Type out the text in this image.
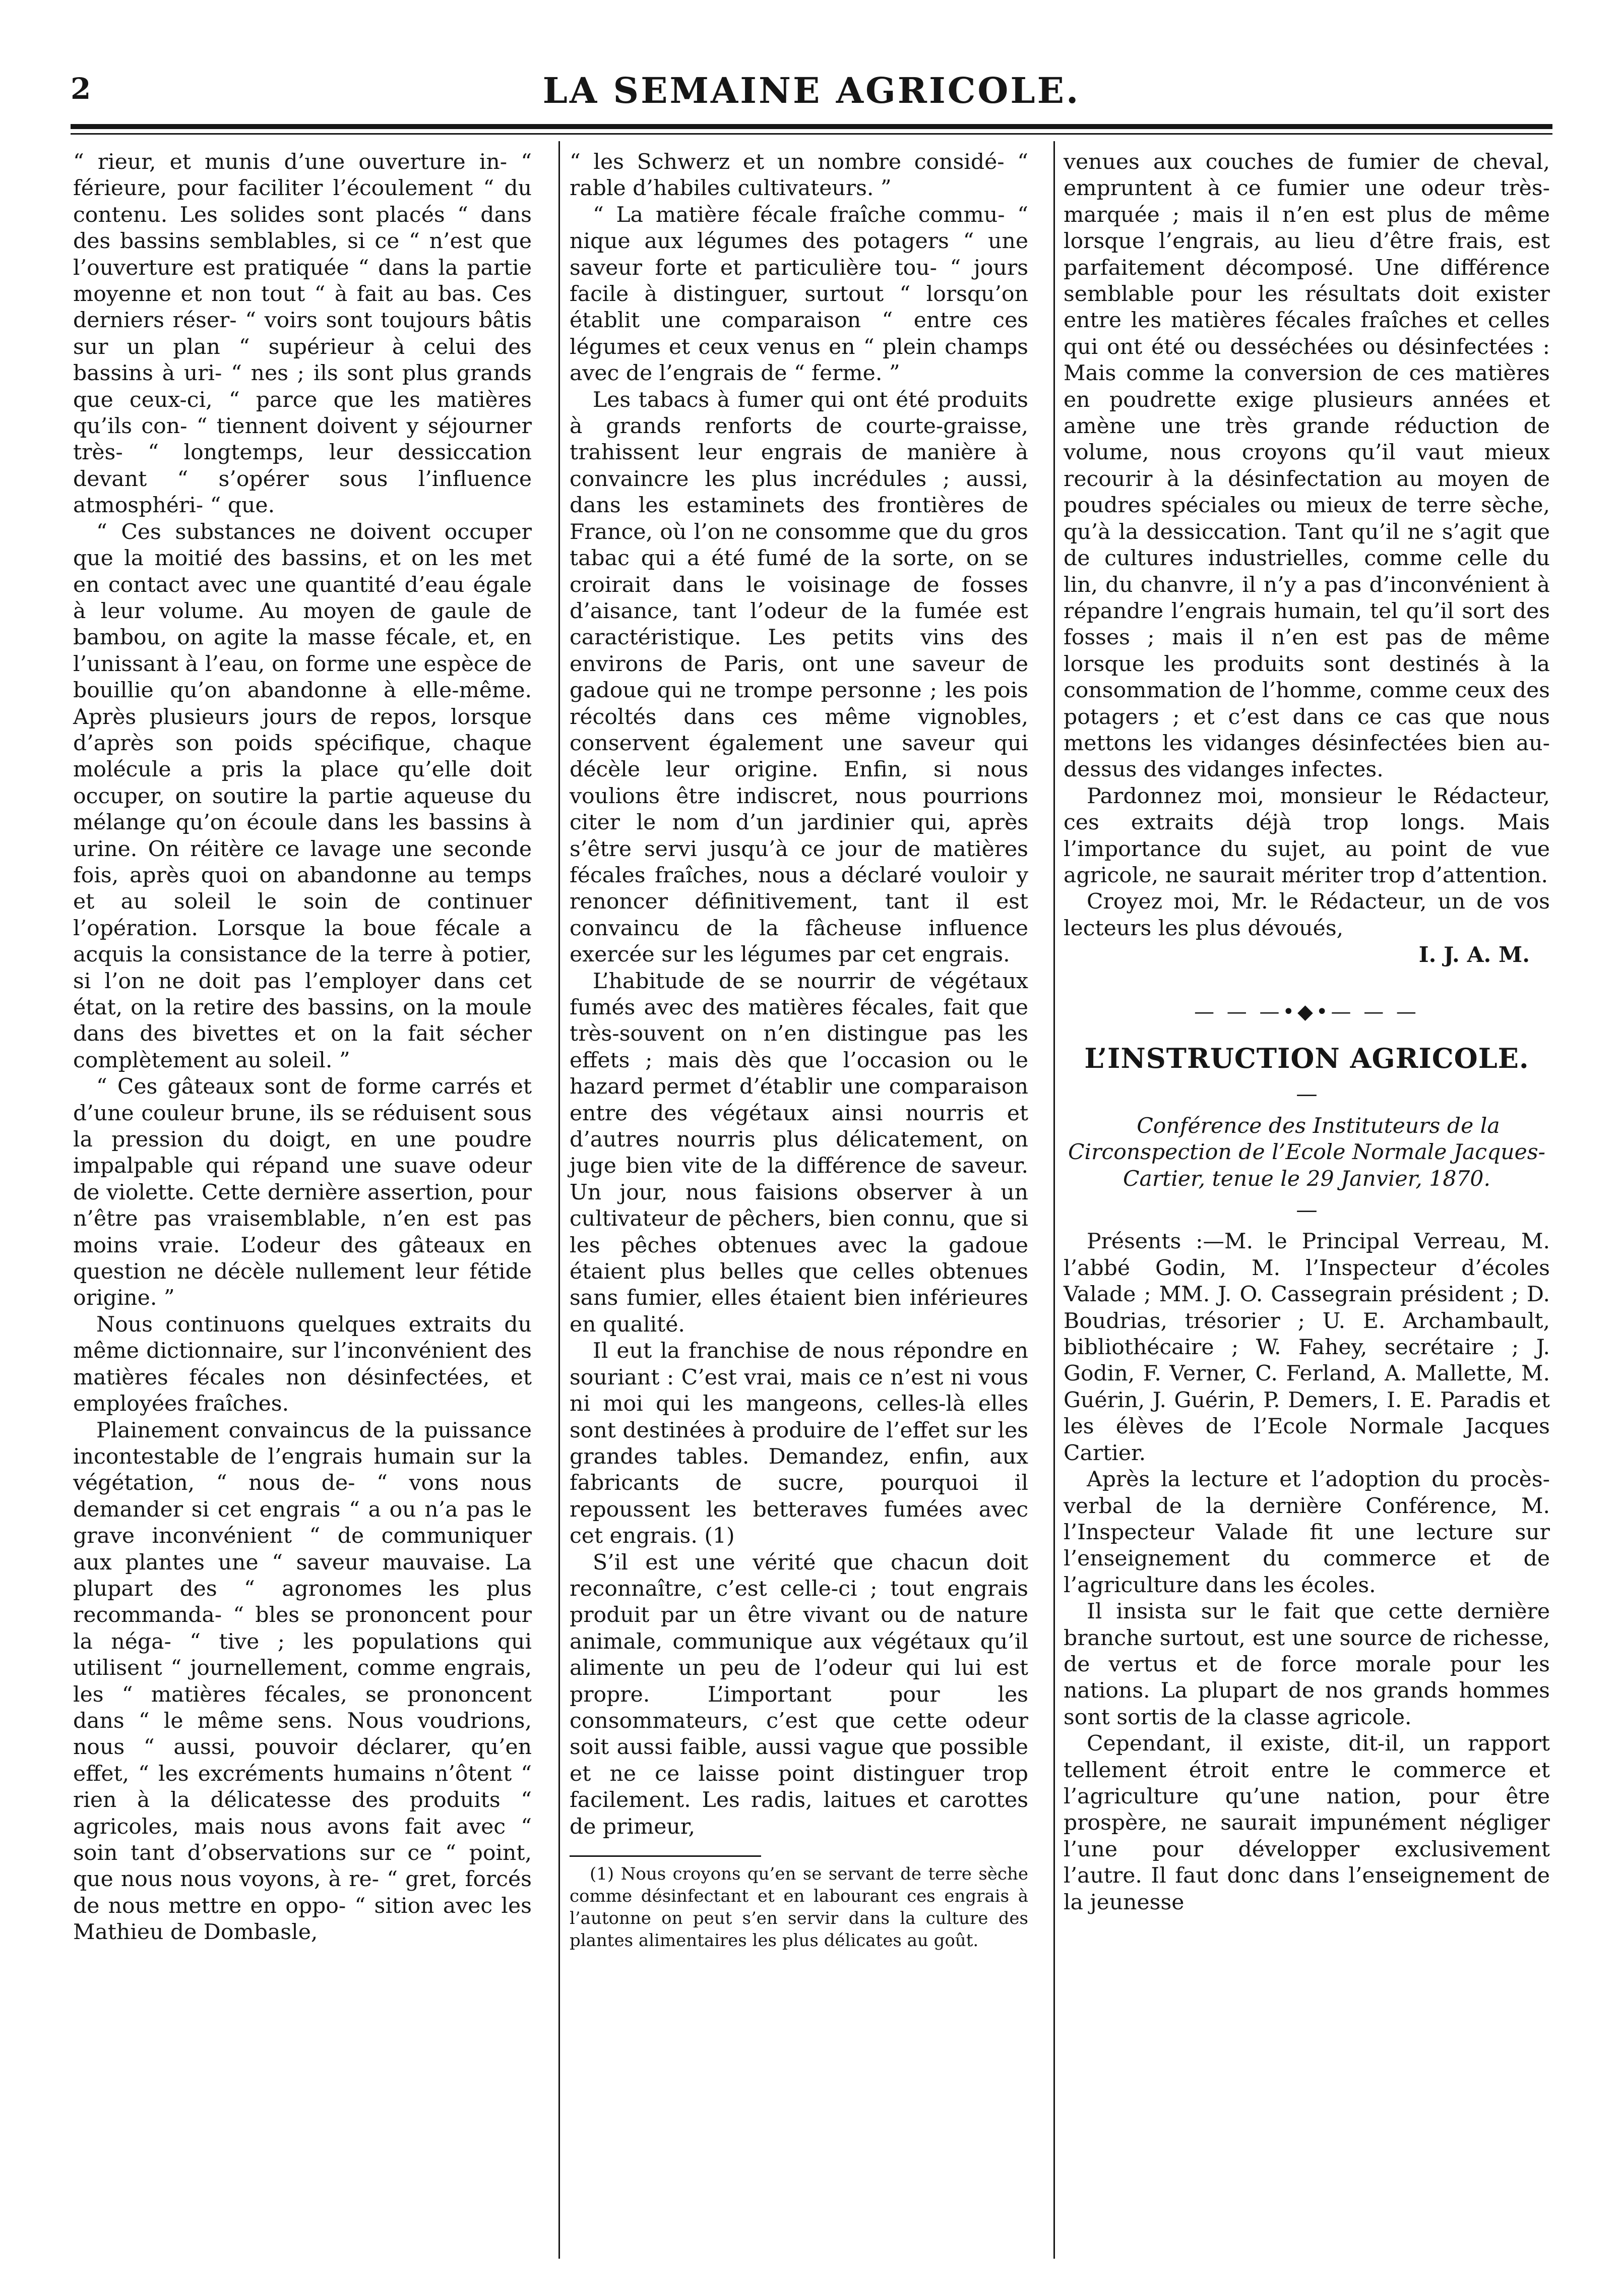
2	LA SEMAINE AGRICOLE.

“ rieur, et munis d’une ouverture in- “ férieure, pour faciliter l’écoulement “ du contenu. Les solides sont placés “ dans des bassins semblables, si ce “ n’est que l’ouverture est pratiquée “ dans la partie moyenne et non tout “ à fait au bas. Ces derniers réser- “ voirs sont toujours bâtis sur un plan “ supérieur à celui des bassins à uri- “ nes ; ils sont plus grands que ceux-ci, “ parce que les matières qu’ils con- “ tiennent doivent y séjourner très- “ longtemps, leur dessiccation devant “ s’opérer sous l’influence atmosphéri- “ que.

“ Ces substances ne doivent occuper que la moitié des bassins, et on les met en contact avec une quantité d’eau égale à leur volume. Au moyen de gaule de bambou, on agite la masse fécale, et, en l’unissant à l’eau, on forme une espèce de bouillie qu’on abandonne à elle-même. Après plusieurs jours de repos, lorsque d’après son poids spécifique, chaque molécule a pris la place qu’elle doit occuper, on soutire la partie aqueuse du mélange qu’on écoule dans les bassins à urine. On réitère ce lavage une seconde fois, après quoi on abandonne au temps et au soleil le soin de continuer l’opération. Lorsque la boue fécale a acquis la consistance de la terre à potier, si l’on ne doit pas l’employer dans cet état, on la retire des bassins, on la moule dans des bivettes et on la fait sécher complètement au soleil. ”

“ Ces gâteaux sont de forme carrés et d’une couleur brune, ils se réduisent sous la pression du doigt, en une poudre impalpable qui répand une suave odeur de violette. Cette dernière assertion, pour n’être pas vraisemblable, n’en est pas moins vraie. L’odeur des gâteaux en question ne décèle nullement leur fétide origine. ”

Nous continuons quelques extraits du même dictionnaire, sur l’inconvénient des matières fécales non désinfectées, et employées fraîches.

Plainement convaincus de la puissance incontestable de l’engrais humain sur la végétation, “ nous de- “ vons nous demander si cet engrais “ a ou n’a pas le grave inconvénient “ de communiquer aux plantes une “ saveur mauvaise. La plupart des “ agronomes les plus recommanda- “ bles se prononcent pour la néga- “ tive ; les populations qui utilisent “ journellement, comme engrais, les “ matières fécales, se prononcent dans “ le même sens. Nous voudrions, nous “ aussi, pouvoir déclarer, qu’en effet, “ les excréments humains n’ôtent “ rien à la délicatesse des produits “ agricoles, mais nous avons fait avec “ soin tant d’observations sur ce “ point, que nous nous voyons, à re- “ gret, forcés de nous mettre en oppo- “ sition avec les Mathieu de Dombasle,

“ les Schwerz et un nombre considé- “ rable d’habiles cultivateurs. ”

“ La matière fécale fraîche commu- “ nique aux légumes des potagers “ une saveur forte et particulière tou- “ jours facile à distinguer, surtout “ lorsqu’on établit une comparaison “ entre ces légumes et ceux venus en “ plein champs avec de l’engrais de “ ferme. ”

Les tabacs à fumer qui ont été produits à grands renforts de courte-graisse, trahissent leur engrais de manière à convaincre les plus incrédules ; aussi, dans les estaminets des frontières de France, où l’on ne consomme que du gros tabac qui a été fumé de la sorte, on se croirait dans le voisinage de fosses d’aisance, tant l’odeur de la fumée est caractéristique. Les petits vins des environs de Paris, ont une saveur de gadoue qui ne trompe personne ; les pois récoltés dans ces même vignobles, conservent également une saveur qui décèle leur origine. Enfin, si nous voulions être indiscret, nous pourrions citer le nom d’un jardinier qui, après s’être servi jusqu’à ce jour de matières fécales fraîches, nous a déclaré vouloir y renoncer définitivement, tant il est convaincu de la fâcheuse influence exercée sur les légumes par cet engrais.

L’habitude de se nourrir de végétaux fumés avec des matières fécales, fait que très-souvent on n’en distingue pas les effets ; mais dès que l’occasion ou le hazard permet d’établir une comparaison entre des végétaux ainsi nourris et d’autres nourris plus délicatement, on juge bien vite de la différence de saveur. Un jour, nous faisions observer à un cultivateur de pêchers, bien connu, que si les pêches obtenues avec la gadoue étaient plus belles que celles obtenues sans fumier, elles étaient bien inférieures en qualité.

Il eut la franchise de nous répondre en souriant : C’est vrai, mais ce n’est ni vous ni moi qui les mangeons, celles-là elles sont destinées à produire de l’effet sur les grandes tables. Demandez, enfin, aux fabricants de sucre, pourquoi il repoussent les betteraves fumées avec cet engrais. (1)

S’il est une vérité que chacun doit reconnaître, c’est celle-ci ; tout engrais produit par un être vivant ou de nature animale, communique aux végétaux qu’il alimente un peu de l’odeur qui lui est propre. L’important pour les consommateurs, c’est que cette odeur soit aussi faible, aussi vague que possible et ne ce laisse point distinguer trop facilement. Les radis, laitues et carottes de primeur,

(1) Nous croyons qu’en se servant de terre sèche comme désinfectant et en labourant ces engrais à l’autonne on peut s’en servir dans la culture des plantes alimentaires les plus délicates au goût.

venues aux couches de fumier de cheval, empruntent à ce fumier une odeur très-marquée ; mais il n’en est plus de même lorsque l’engrais, au lieu d’être frais, est parfaitement décomposé. Une différence semblable pour les résultats doit exister entre les matières fécales fraîches et celles qui ont été ou desséchées ou désinfectées : Mais comme la conversion de ces matières en poudrette exige plusieurs années et amène une très grande réduction de volume, nous croyons qu’il vaut mieux recourir à la désinfectation au moyen de poudres spéciales ou mieux de terre sèche, qu’à la dessiccation. Tant qu’il ne s’agit que de cultures industrielles, comme celle du lin, du chanvre, il n’y a pas d’inconvénient à répandre l’engrais humain, tel qu’il sort des fosses ; mais il n’en est pas de même lorsque les produits sont destinés à la consommation de l’homme, comme ceux des potagers ; et c’est dans ce cas que nous mettons les vidanges désinfectées bien au-dessus des vidanges infectes.

Pardonnez moi, monsieur le Rédacteur, ces extraits déjà trop longs. Mais l’importance du sujet, au point de vue agricole, ne saurait mériter trop d’attention.

Croyez moi, Mr. le Rédacteur, un de vos lecteurs les plus dévoués,

I. J. A. M.

— — —•◆•— — —
L’INSTRUCTION AGRICOLE.
—

Conférence des Instituteurs de la Circonspection de l’Ecole Normale Jacques-Cartier, tenue le 29 Janvier, 1870.

—

Présents :—M. le Principal Verreau, M. l’abbé Godin, M. l’Inspecteur d’écoles Valade ; MM. J. O. Cassegrain président ; D. Boudrias, trésorier ; U. E. Archambault, bibliothécaire ; W. Fahey, secrétaire ; J. Godin, F. Verner, C. Ferland, A. Mallette, M. Guérin, J. Guérin, P. Demers, I. E. Paradis et les élèves de l’Ecole Normale Jacques Cartier.

Après la lecture et l’adoption du procès-verbal de la dernière Conférence, M. l’Inspecteur Valade fit une lecture sur l’enseignement du commerce et de l’agriculture dans les écoles.

Il insista sur le fait que cette dernière branche surtout, est une source de richesse, de vertus et de force morale pour les nations. La plupart de nos grands hommes sont sortis de la classe agricole.

Cependant, il existe, dit-il, un rapport tellement étroit entre le commerce et l’agriculture qu’une nation, pour être prospère, ne saurait impunément négliger l’une pour développer exclusivement l’autre. Il faut donc dans l’enseignement de la jeunesse
